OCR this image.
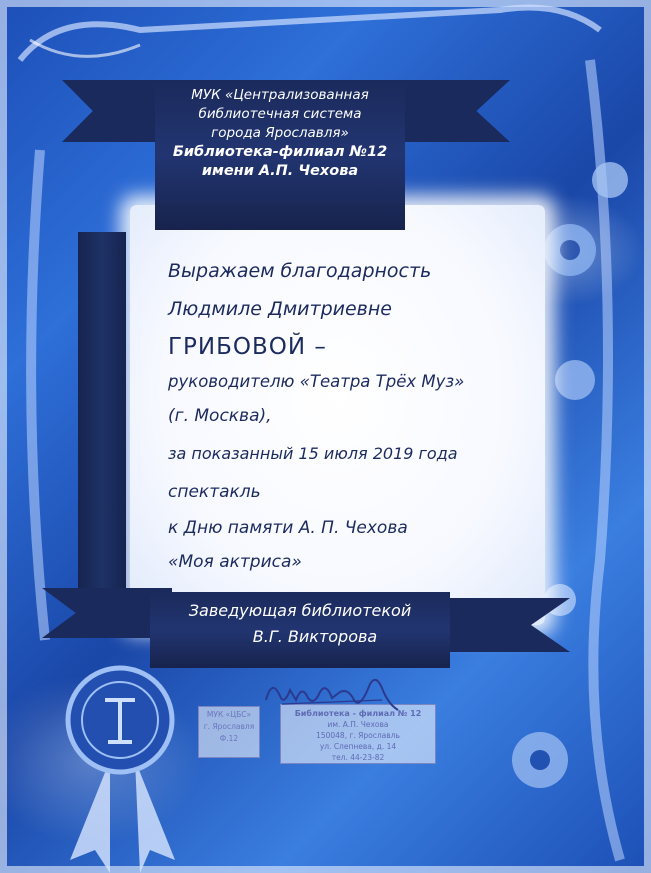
МУК «Централизованная

библиотечная система

города Ярославля»

Библиотека-филиал №12

имени А.П. Чехова

Выражаем благодарность
Людмиле Дмитриевне
ГРИБОВОЙ –
руководителю «Театра Трёх Муз»
(г. Москва),
за показанный 15 июля 2019 года
спектакль
к Дню памяти А. П. Чехова
«Моя актриса»

Заведующая библиотекой

В.Г. Викторова

МУК «ЦБС»
г. Ярославля
Ф.12
Библиотека - филиал № 12
им. А.П. Чехова
150048, г. Ярославль
ул. Слепнева, д. 14
тел. 44-23-82
